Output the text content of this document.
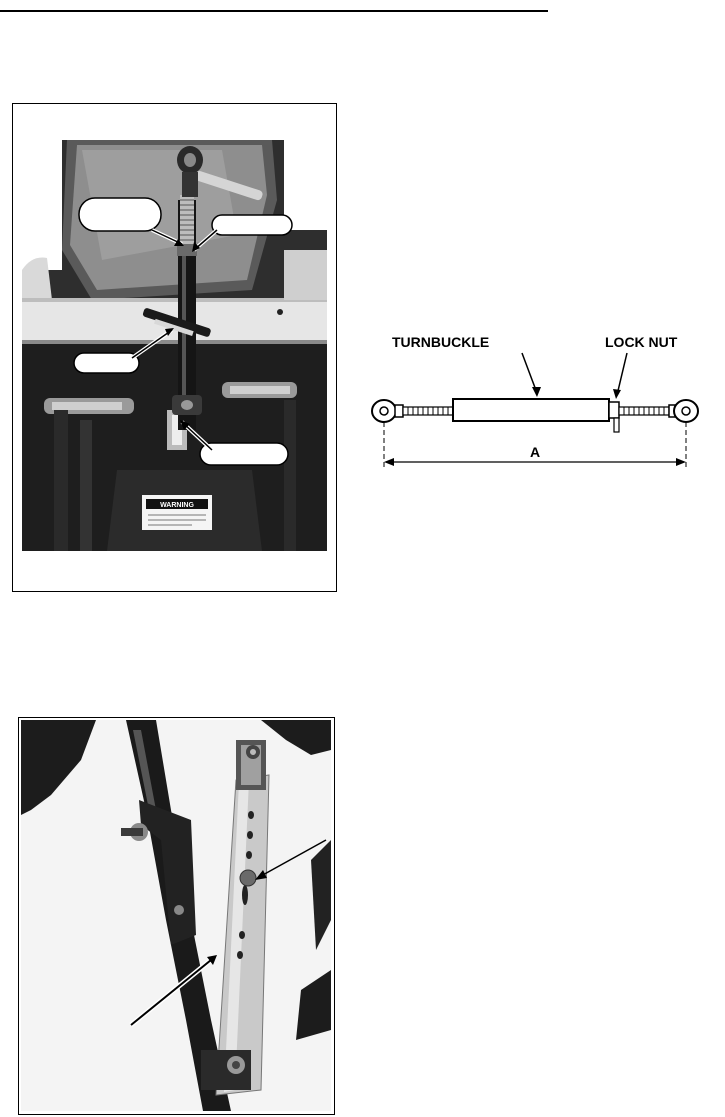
WARNING
TURNBUCKLE	LOCK NUT
A
